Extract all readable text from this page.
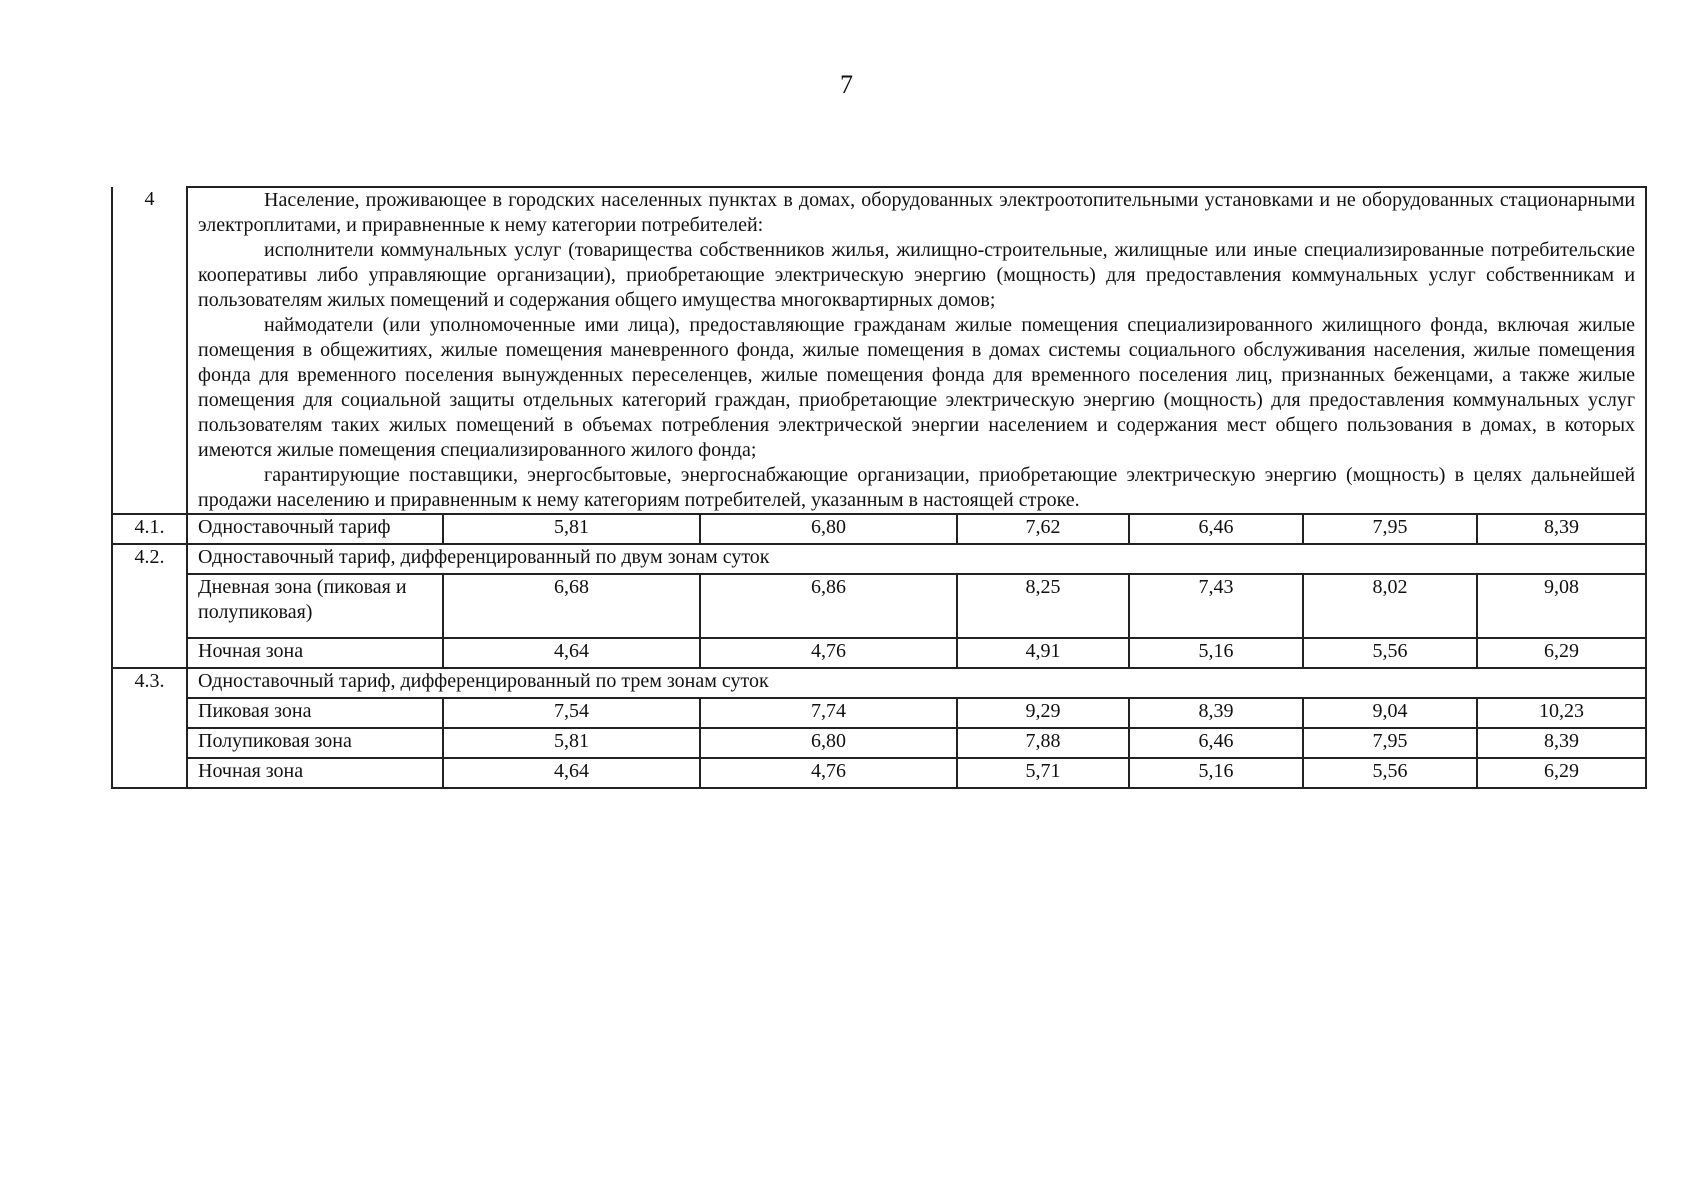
7
4	Население, проживающее в городских населенных пунктах в домах, оборудованных электроотопительными установками и не оборудованных стационарными электроплитами, и приравненные к нему категории потребителей:

исполнители коммунальных услуг (товарищества собственников жилья, жилищно-строительные, жилищные или иные специализированные потребительские кооперативы либо управляющие организации), приобретающие электрическую энергию (мощность) для предоставления коммунальных услуг собственникам и пользователям жилых помещений и содержания общего имущества многоквартирных домов;

наймодатели (или уполномоченные ими лица), предоставляющие гражданам жилые помещения специализированного жилищного фонда, включая жилые помещения в общежитиях, жилые помещения маневренного фонда, жилые помещения в домах системы социального обслуживания населения, жилые помещения фонда для временного поселения вынужденных переселенцев, жилые помещения фонда для временного поселения лиц, признанных беженцами, а также жилые помещения для социальной защиты отдельных категорий граждан, приобретающие электрическую энергию (мощность) для предоставления коммунальных услуг пользователям таких жилых помещений в объемах потребления электрической энергии населением и содержания мест общего пользования в домах, в которых имеются жилые помещения специализированного жилого фонда;

гарантирующие поставщики, энергосбытовые, энергоснабжающие организации, приобретающие электрическую энергию (мощность) в целях дальнейшей продажи населению и приравненным к нему категориям потребителей, указанным в настоящей строке.						

4.1.	Одноставочный тариф	5,81	6,80	7,62	6,46	7,95	8,39
4.2.	Одноставочный тариф, дифференцированный по двум зонам суток						
	Дневная зона (пиковая и полупиковая)	6,68	6,86	8,25	7,43	8,02	9,08
	Ночная зона	4,64	4,76	4,91	5,16	5,56	6,29
4.3.	Одноставочный тариф, дифференцированный по трем зонам суток						
	Пиковая зона	7,54	7,74	9,29	8,39	9,04	10,23
	Полупиковая зона	5,81	6,80	7,88	6,46	7,95	8,39
	Ночная зона	4,64	4,76	5,71	5,16	5,56	6,29
